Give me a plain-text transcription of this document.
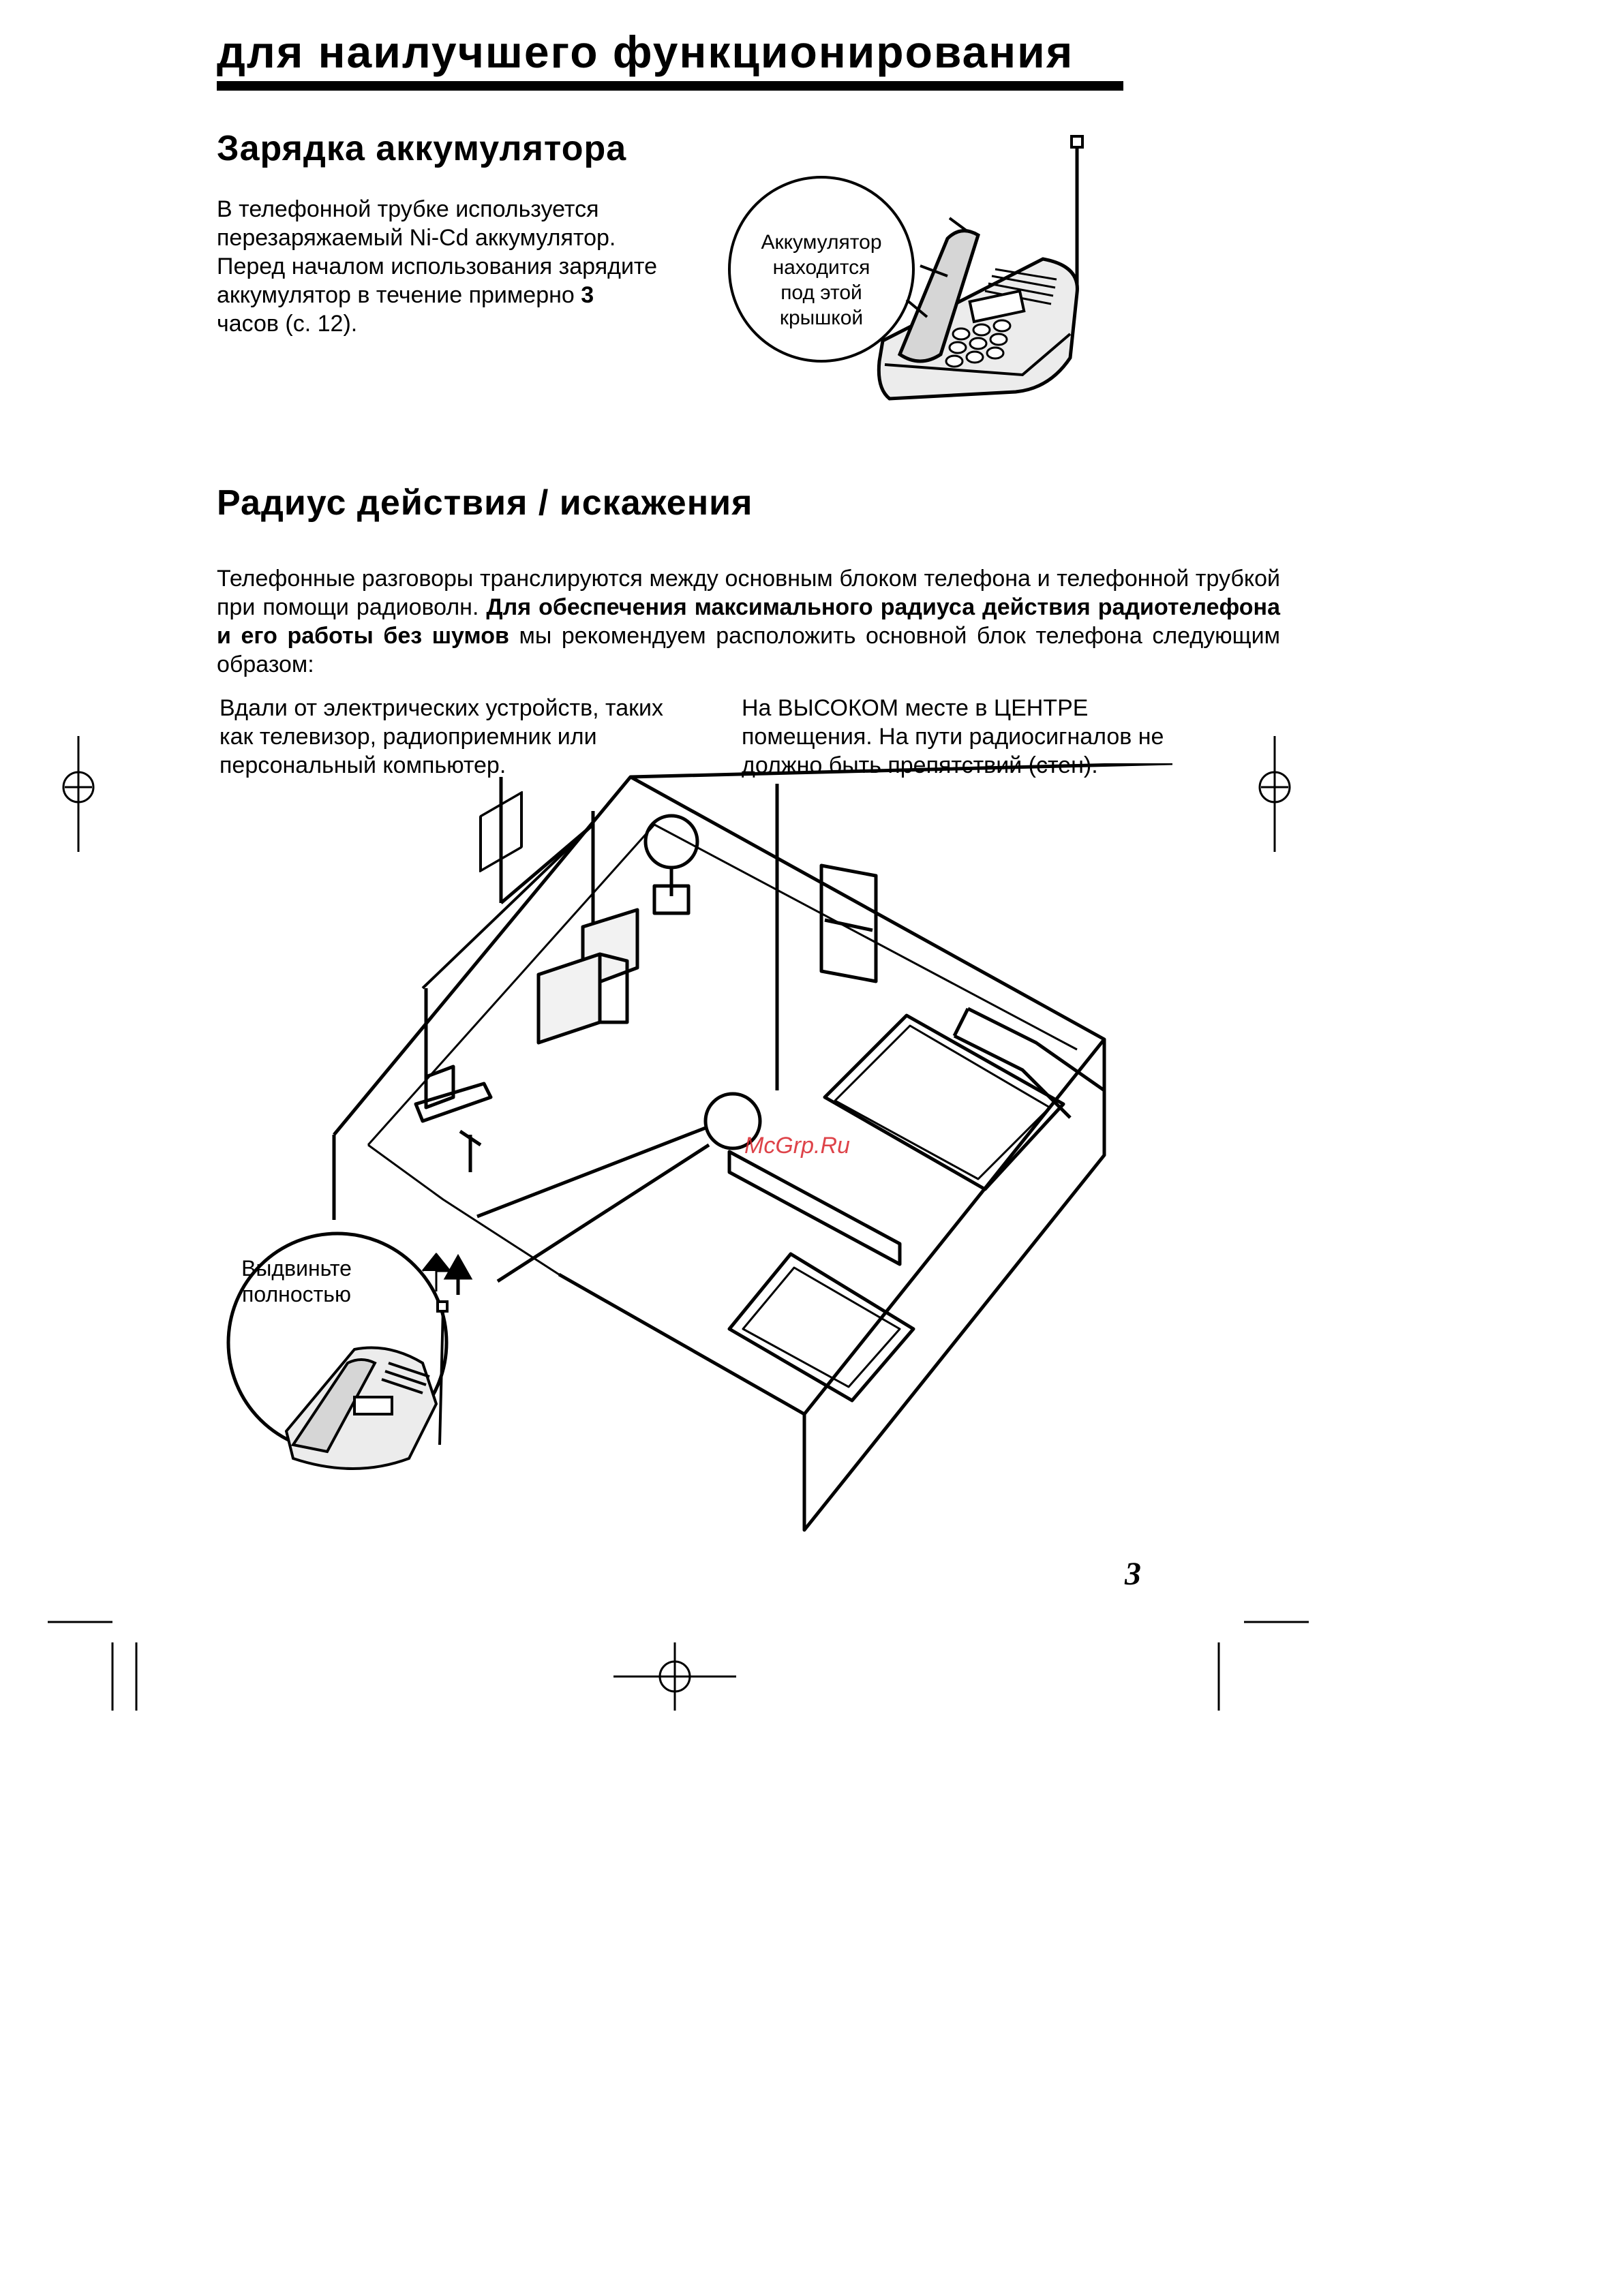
для наилучшего функционирования
Зарядка аккумулятора
В телефонной трубке используется перезаряжаемый Ni-Cd аккумулятор. Перед началом использования зарядите аккумулятор в течение примерно 3 часов (с. 12).
Аккумулятор
находится
под этой
крышкой
Радиус действия / искажения
Телефонные разговоры транслируются между основным блоком телефона и телефонной трубкой при помощи радиоволн. Для обеспечения максимального радиуса действия радиотелефона и его работы без шумов мы рекомендуем расположить основной блок телефона следующим образом:
Вдали от электрических устройств, таких как телевизор, радиоприемник или персональный компьютер.
На ВЫСОКОМ месте в ЦЕНТРЕ помещения. На пути радиосигналов не должно быть препятствий (стен).
Выдвиньте
полностью
McGrp.Ru
3
